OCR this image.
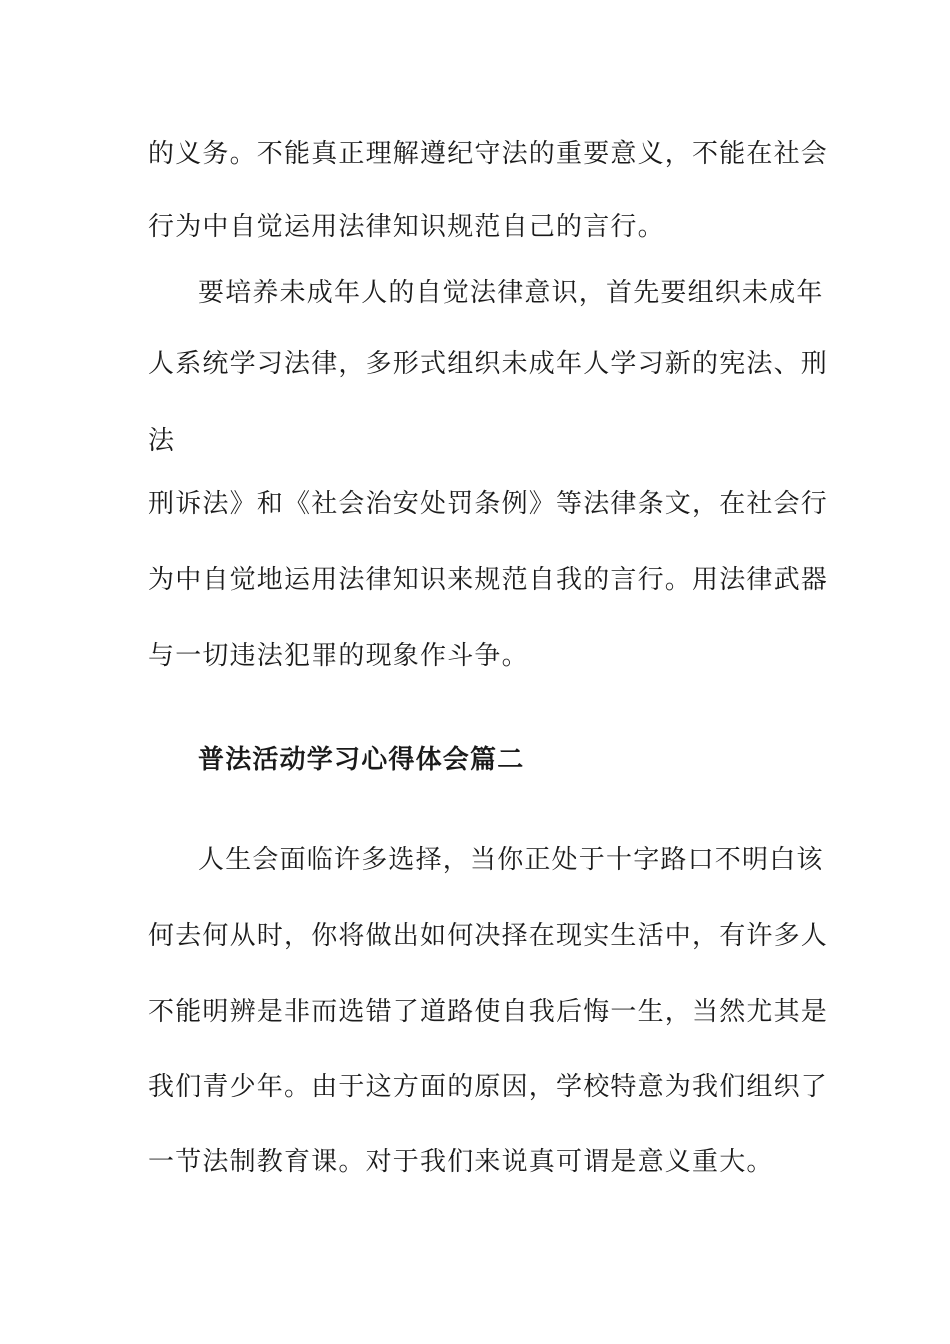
的义务。不能真正理解遵纪守法的重要意义，不能在社会
行为中自觉运用法律知识规范自己的言行。
要培养未成年人的自觉法律意识，首先要组织未成年
人系统学习法律，多形式组织未成年人学习新的宪法、刑
法
刑诉法》和《社会治安处罚条例》等法律条文，在社会行
为中自觉地运用法律知识来规范自我的言行。用法律武器
与一切违法犯罪的现象作斗争。
普法活动学习心得体会篇二
人生会面临许多选择，当你正处于十字路口不明白该
何去何从时，你将做出如何决择在现实生活中，有许多人
不能明辨是非而选错了道路使自我后悔一生，当然尤其是
我们青少年。由于这方面的原因，学校特意为我们组织了
一节法制教育课。对于我们来说真可谓是意义重大。
